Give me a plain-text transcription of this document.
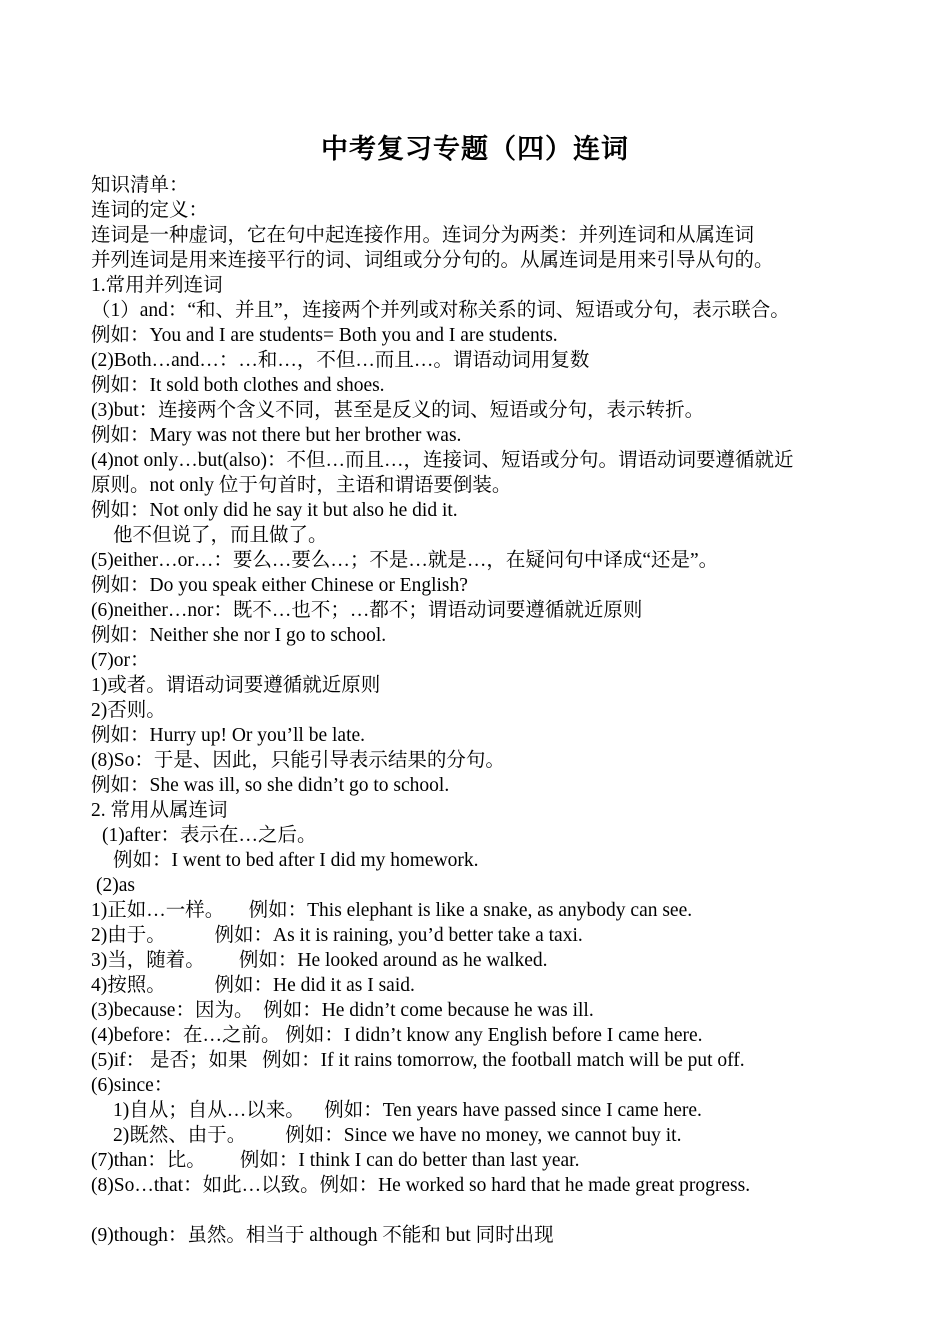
中考复习专题（四）连词
知识清单：
连词的定义：
连词是一种虚词，它在句中起连接作用。连词分为两类：并列连词和从属连词
并列连词是用来连接平行的词、词组或分分句的。从属连词是用来引导从句的。
1.常用并列连词
（1）and：“和、并且”，连接两个并列或对称关系的词、短语或分句，表示联合。
例如：You and I are students= Both you and I are students.
(2)Both…and…：…和…，不但…而且…。谓语动词用复数
例如：It sold both clothes and shoes.
(3)but：连接两个含义不同，甚至是反义的词、短语或分句，表示转折。
例如：Mary was not there but her brother was.
(4)not only…but(also)：不但…而且…，连接词、短语或分句。谓语动词要遵循就近
原则。not only 位于句首时，主语和谓语要倒装。
例如：Not only did he say it but also he did it.
他不但说了，而且做了。
(5)either…or…：要么…要么…；不是…就是…，在疑问句中译成“还是”。
例如：Do you speak either Chinese or English?
(6)neither…nor：既不…也不；…都不；谓语动词要遵循就近原则
例如：Neither she nor I go to school.
(7)or：
1)或者。谓语动词要遵循就近原则
2)否则。
例如：Hurry up! Or you’ll be late.
(8)So：于是、因此，只能引导表示结果的分句。
例如：She was ill, so she didn’t go to school.
2. 常用从属连词
(1)after：表示在…之后。
例如：I went to bed after I did my homework.
(2)as
1)正如…一样。     例如：This elephant is like a snake, as anybody can see.
2)由于。          例如：As it is raining, you’d better take a taxi.
3)当，随着。       例如：He looked around as he walked.
4)按照。          例如：He did it as I said.
(3)because：因为。  例如：He didn’t come because he was ill.
(4)before：在…之前。 例如：I didn’t know any English before I came here.
(5)if： 是否；如果   例如：If it rains tomorrow, the football match will be put off.
(6)since：
1)自从；自从…以来。    例如：Ten years have passed since I came here.
2)既然、由于。        例如：Since we have no money, we cannot buy it.
(7)than：比。       例如：I think I can do better than last year.
(8)So…that：如此…以致。例如：He worked so hard that he made great progress.
(9)though：虽然。相当于 although 不能和 but 同时出现
